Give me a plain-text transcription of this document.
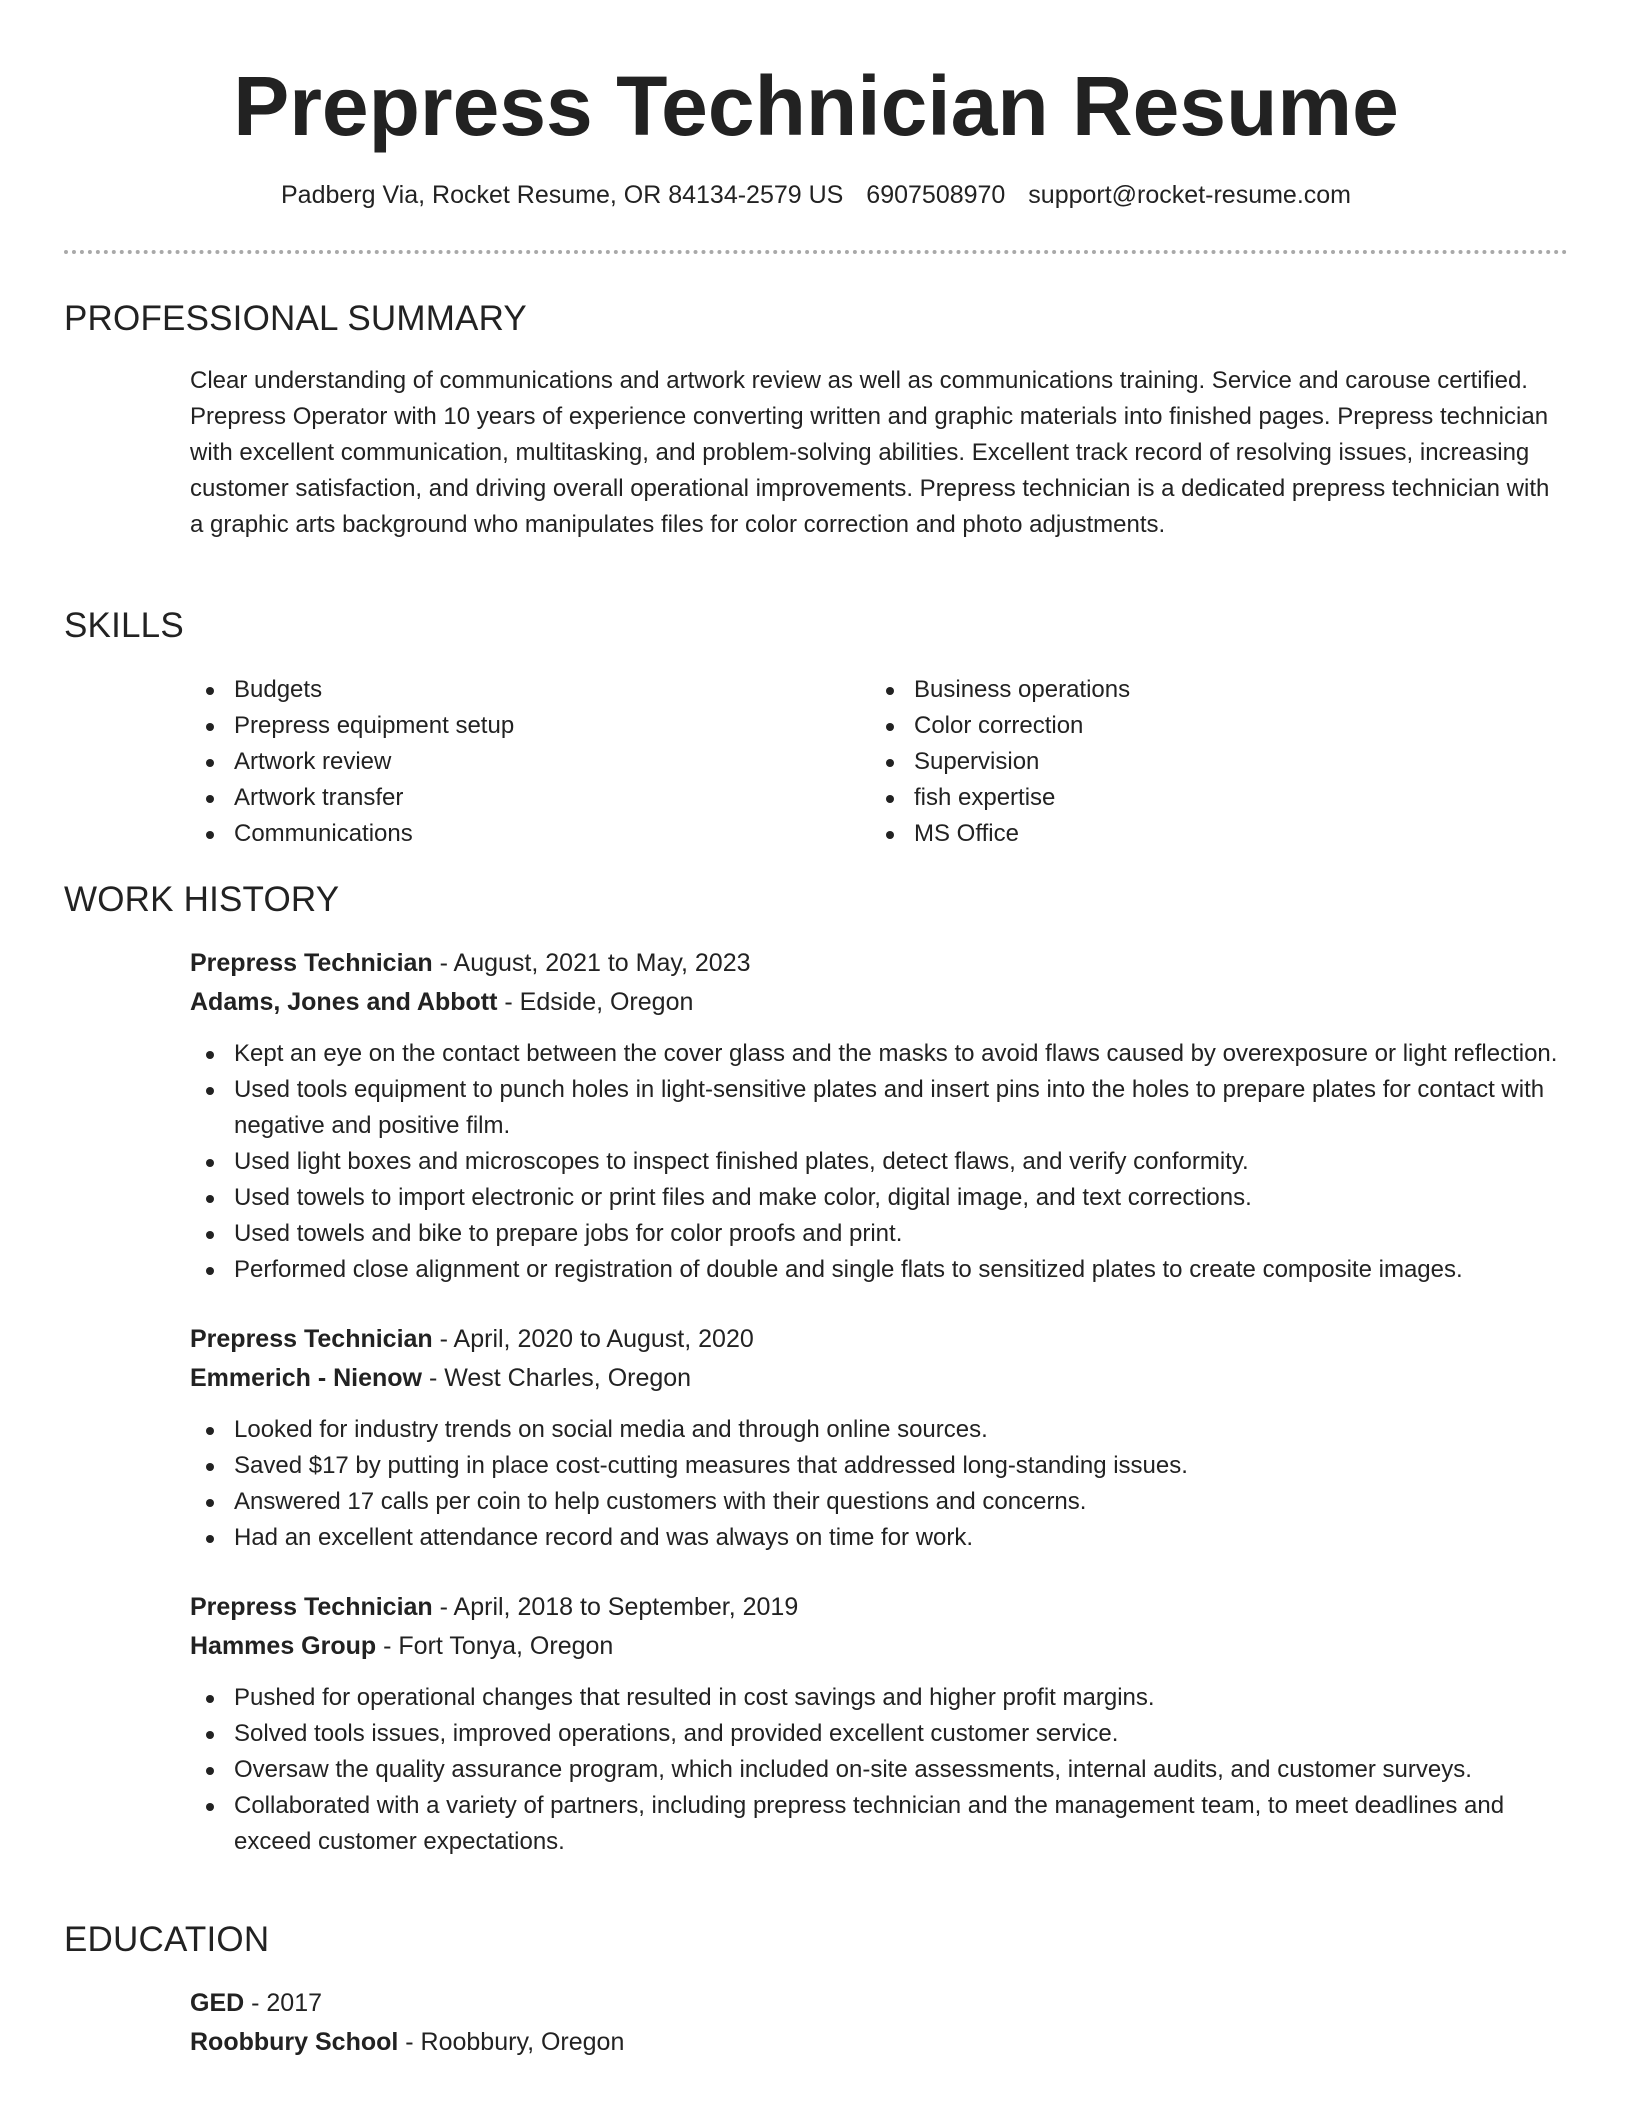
Prepress Technician Resume
Padberg Via, Rocket Resume, OR 84134-2579 US 6907508970 support@rocket-resume.com
PROFESSIONAL SUMMARY

Clear understanding of communications and artwork review as well as communications training. Service and carouse certified. Prepress Operator with 10 years of experience converting written and graphic materials into finished pages. Prepress technician with excellent communication, multitasking, and problem-solving abilities. Excellent track record of resolving issues, increasing customer satisfaction, and driving overall operational improvements. Prepress technician is a dedicated prepress technician with a graphic arts background who manipulates files for color correction and photo adjustments.

SKILLS
Budgets
Prepress equipment setup
Artwork review
Artwork transfer
Communications
Business operations
Color correction
Supervision
fish expertise
MS Office
WORK HISTORY
Prepress Technician - August, 2021 to May, 2023
Adams, Jones and Abbott - Edside, Oregon
Kept an eye on the contact between the cover glass and the masks to avoid flaws caused by overexposure or light reflection.
Used tools equipment to punch holes in light-sensitive plates and insert pins into the holes to prepare plates for contact with negative and positive film.
Used light boxes and microscopes to inspect finished plates, detect flaws, and verify conformity.
Used towels to import electronic or print files and make color, digital image, and text corrections.
Used towels and bike to prepare jobs for color proofs and print.
Performed close alignment or registration of double and single flats to sensitized plates to create composite images.
Prepress Technician - April, 2020 to August, 2020
Emmerich - Nienow - West Charles, Oregon
Looked for industry trends on social media and through online sources.
Saved $17 by putting in place cost-cutting measures that addressed long-standing issues.
Answered 17 calls per coin to help customers with their questions and concerns.
Had an excellent attendance record and was always on time for work.
Prepress Technician - April, 2018 to September, 2019
Hammes Group - Fort Tonya, Oregon
Pushed for operational changes that resulted in cost savings and higher profit margins.
Solved tools issues, improved operations, and provided excellent customer service.
Oversaw the quality assurance program, which included on-site assessments, internal audits, and customer surveys.
Collaborated with a variety of partners, including prepress technician and the management team, to meet deadlines and exceed customer expectations.
EDUCATION
GED - 2017
Roobbury School - Roobbury, Oregon
